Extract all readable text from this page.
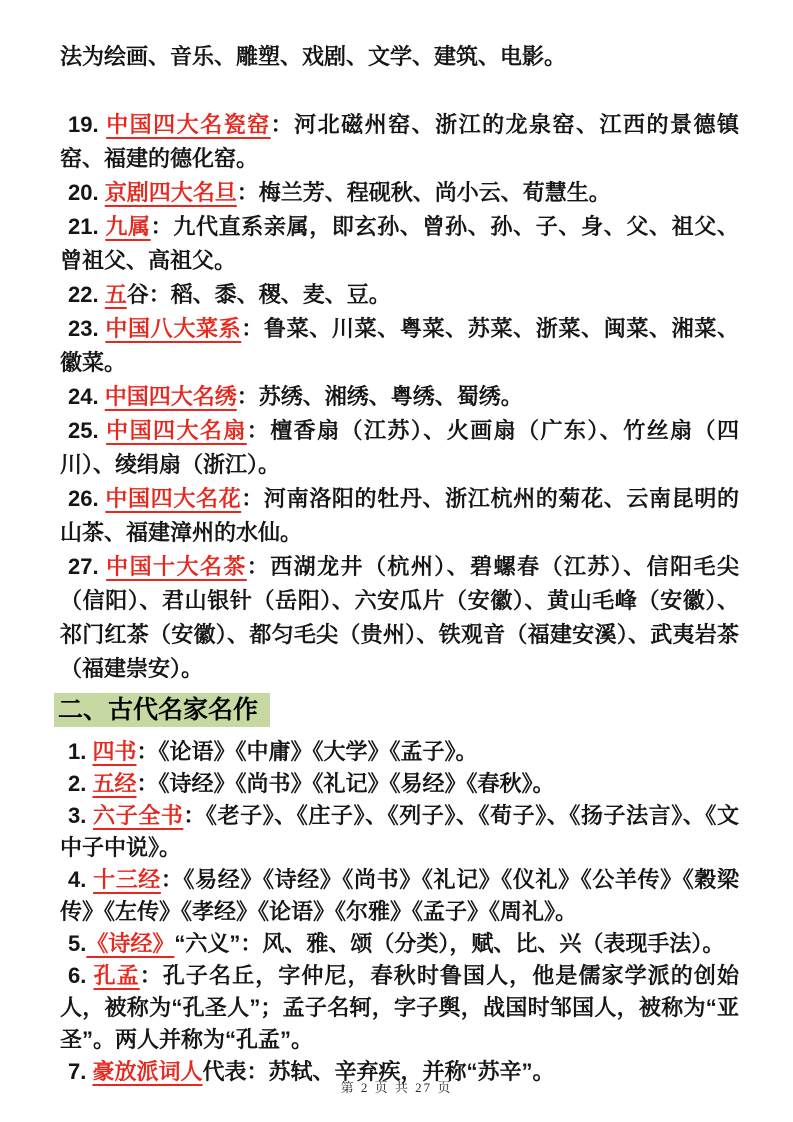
法为绘画、音乐、雕塑、戏剧、文学、建筑、电影。

19. 中国四大名瓷窑：河北磁州窑、浙江的龙泉窑、江西的景德镇窑、福建的德化窑。

20. 京剧四大名旦：梅兰芳、程砚秋、尚小云、荀慧生。

21. 九属：九代直系亲属，即玄孙、曾孙、孙、子、身、父、祖父、曾祖父、高祖父。

22. 五谷：稻、黍、稷、麦、豆。

23. 中国八大菜系：鲁菜、川菜、粤菜、苏菜、浙菜、闽菜、湘菜、徽菜。

24. 中国四大名绣：苏绣、湘绣、粤绣、蜀绣。

25. 中国四大名扇：檀香扇（江苏）、火画扇（广东）、竹丝扇（四川）、绫绢扇（浙江）。

26. 中国四大名花：河南洛阳的牡丹、浙江杭州的菊花、云南昆明的山茶、福建漳州的水仙。

27. 中国十大名茶：西湖龙井（杭州）、碧螺春（江苏）、信阳毛尖（信阳）、君山银针（岳阳）、六安瓜片（安徽）、黄山毛峰（安徽）、祁门红茶（安徽）、都匀毛尖（贵州）、铁观音（福建安溪）、武夷岩茶（福建崇安）。

二、古代名家名作

1. 四书：《论语》《中庸》《大学》《孟子》。

2. 五经：《诗经》《尚书》《礼记》《易经》《春秋》。

3. 六子全书：《老子》、《庄子》、《列子》、《荀子》、《扬子法言》、《文中子中说》。

4. 十三经：《易经》《诗经》《尚书》《礼记》《仪礼》《公羊传》《穀梁传》《左传》《孝经》《论语》《尔雅》《孟子》《周礼》。

5.《诗经》“六义”：风、雅、颂（分类），赋、比、兴（表现手法）。

6. 孔孟：孔子名丘，字仲尼，春秋时鲁国人，他是儒家学派的创始人，被称为“孔圣人”；孟子名轲，字子舆，战国时邹国人，被称为“亚圣”。两人并称为“孔孟”。

7. 豪放派词人代表：苏轼、辛弃疾，并称“苏辛”。

第 2 页 共 27 页
